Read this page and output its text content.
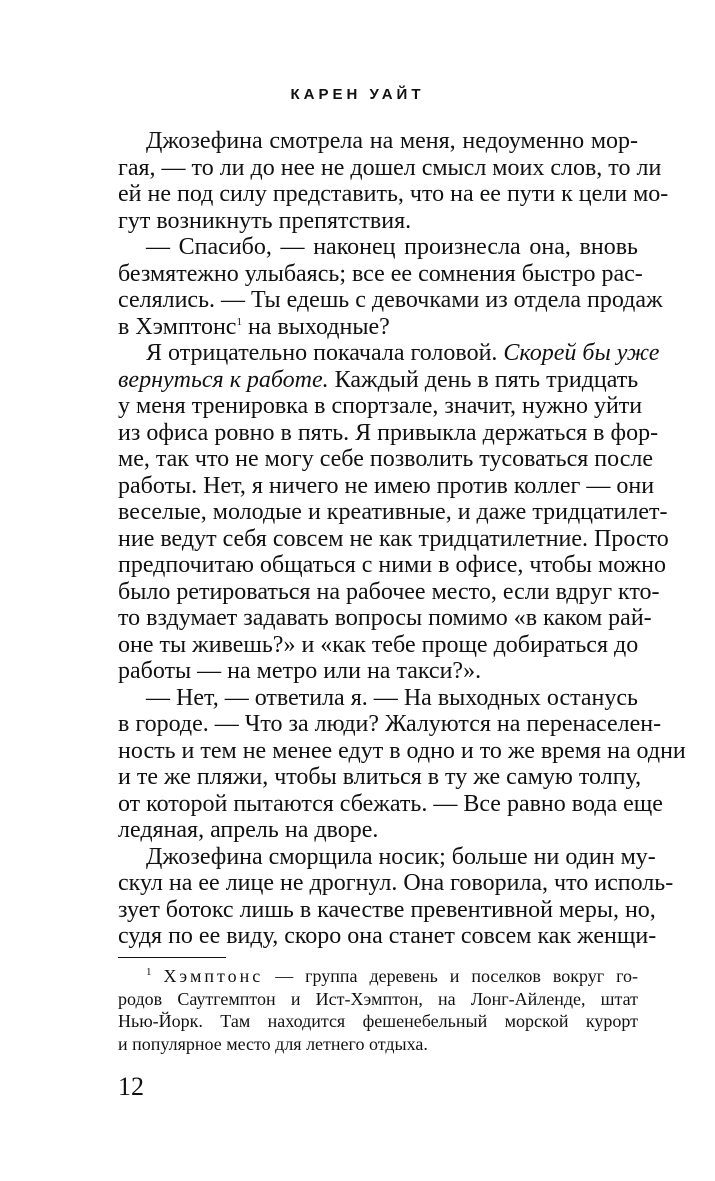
КАРЕН УАЙТ
Джозефина смотрела на меня, недоуменно мор-
гая, — то ли до нее не дошел смысл моих слов, то ли
ей не под силу представить, что на ее пути к цели мо-
гут возникнуть препятствия.
— Спасибо, — наконец произнесла она, вновь
безмятежно улыбаясь; все ее сомнения быстро рас-
селялись. — Ты едешь с девочками из отдела продаж
в Хэмптонс$^1$ на выходные?
Я отрицательно покачала головой. Скорей бы уже
вернуться к работе. Каждый день в пять тридцать
у меня тренировка в спортзале, значит, нужно уйти
из офиса ровно в пять. Я привыкла держаться в фор-
ме, так что не могу себе позволить тусоваться после
работы. Нет, я ничего не имею против коллег — они
веселые, молодые и креативные, и даже тридцатилет-
ние ведут себя совсем не как тридцатилетние. Просто
предпочитаю общаться с ними в офисе, чтобы можно
было ретироваться на рабочее место, если вдруг кто-
то вздумает задавать вопросы помимо «в каком рай-
оне ты живешь?» и «как тебе проще добираться до
работы — на метро или на такси?».
— Нет, — ответила я. — На выходных останусь
в городе. — Что за люди? Жалуются на перенаселен-
ность и тем не менее едут в одно и то же время на одни
и те же пляжи, чтобы влиться в ту же самую толпу,
от которой пытаются сбежать. — Все равно вода еще
ледяная, апрель на дворе.
Джозефина сморщила носик; больше ни один му-
скул на ее лице не дрогнул. Она говорила, что исполь-
зует ботокс лишь в качестве превентивной меры, но,
судя по ее виду, скоро она станет совсем как женщи-
$^1$ Хэмптонс — группа деревень и поселков вокруг го-
родов Саутгемптон и Ист-Хэмптон, на Лонг-Айленде, штат
Нью-Йорк. Там находится фешенебельный морской курорт
и популярное место для летнего отдыха.
12
